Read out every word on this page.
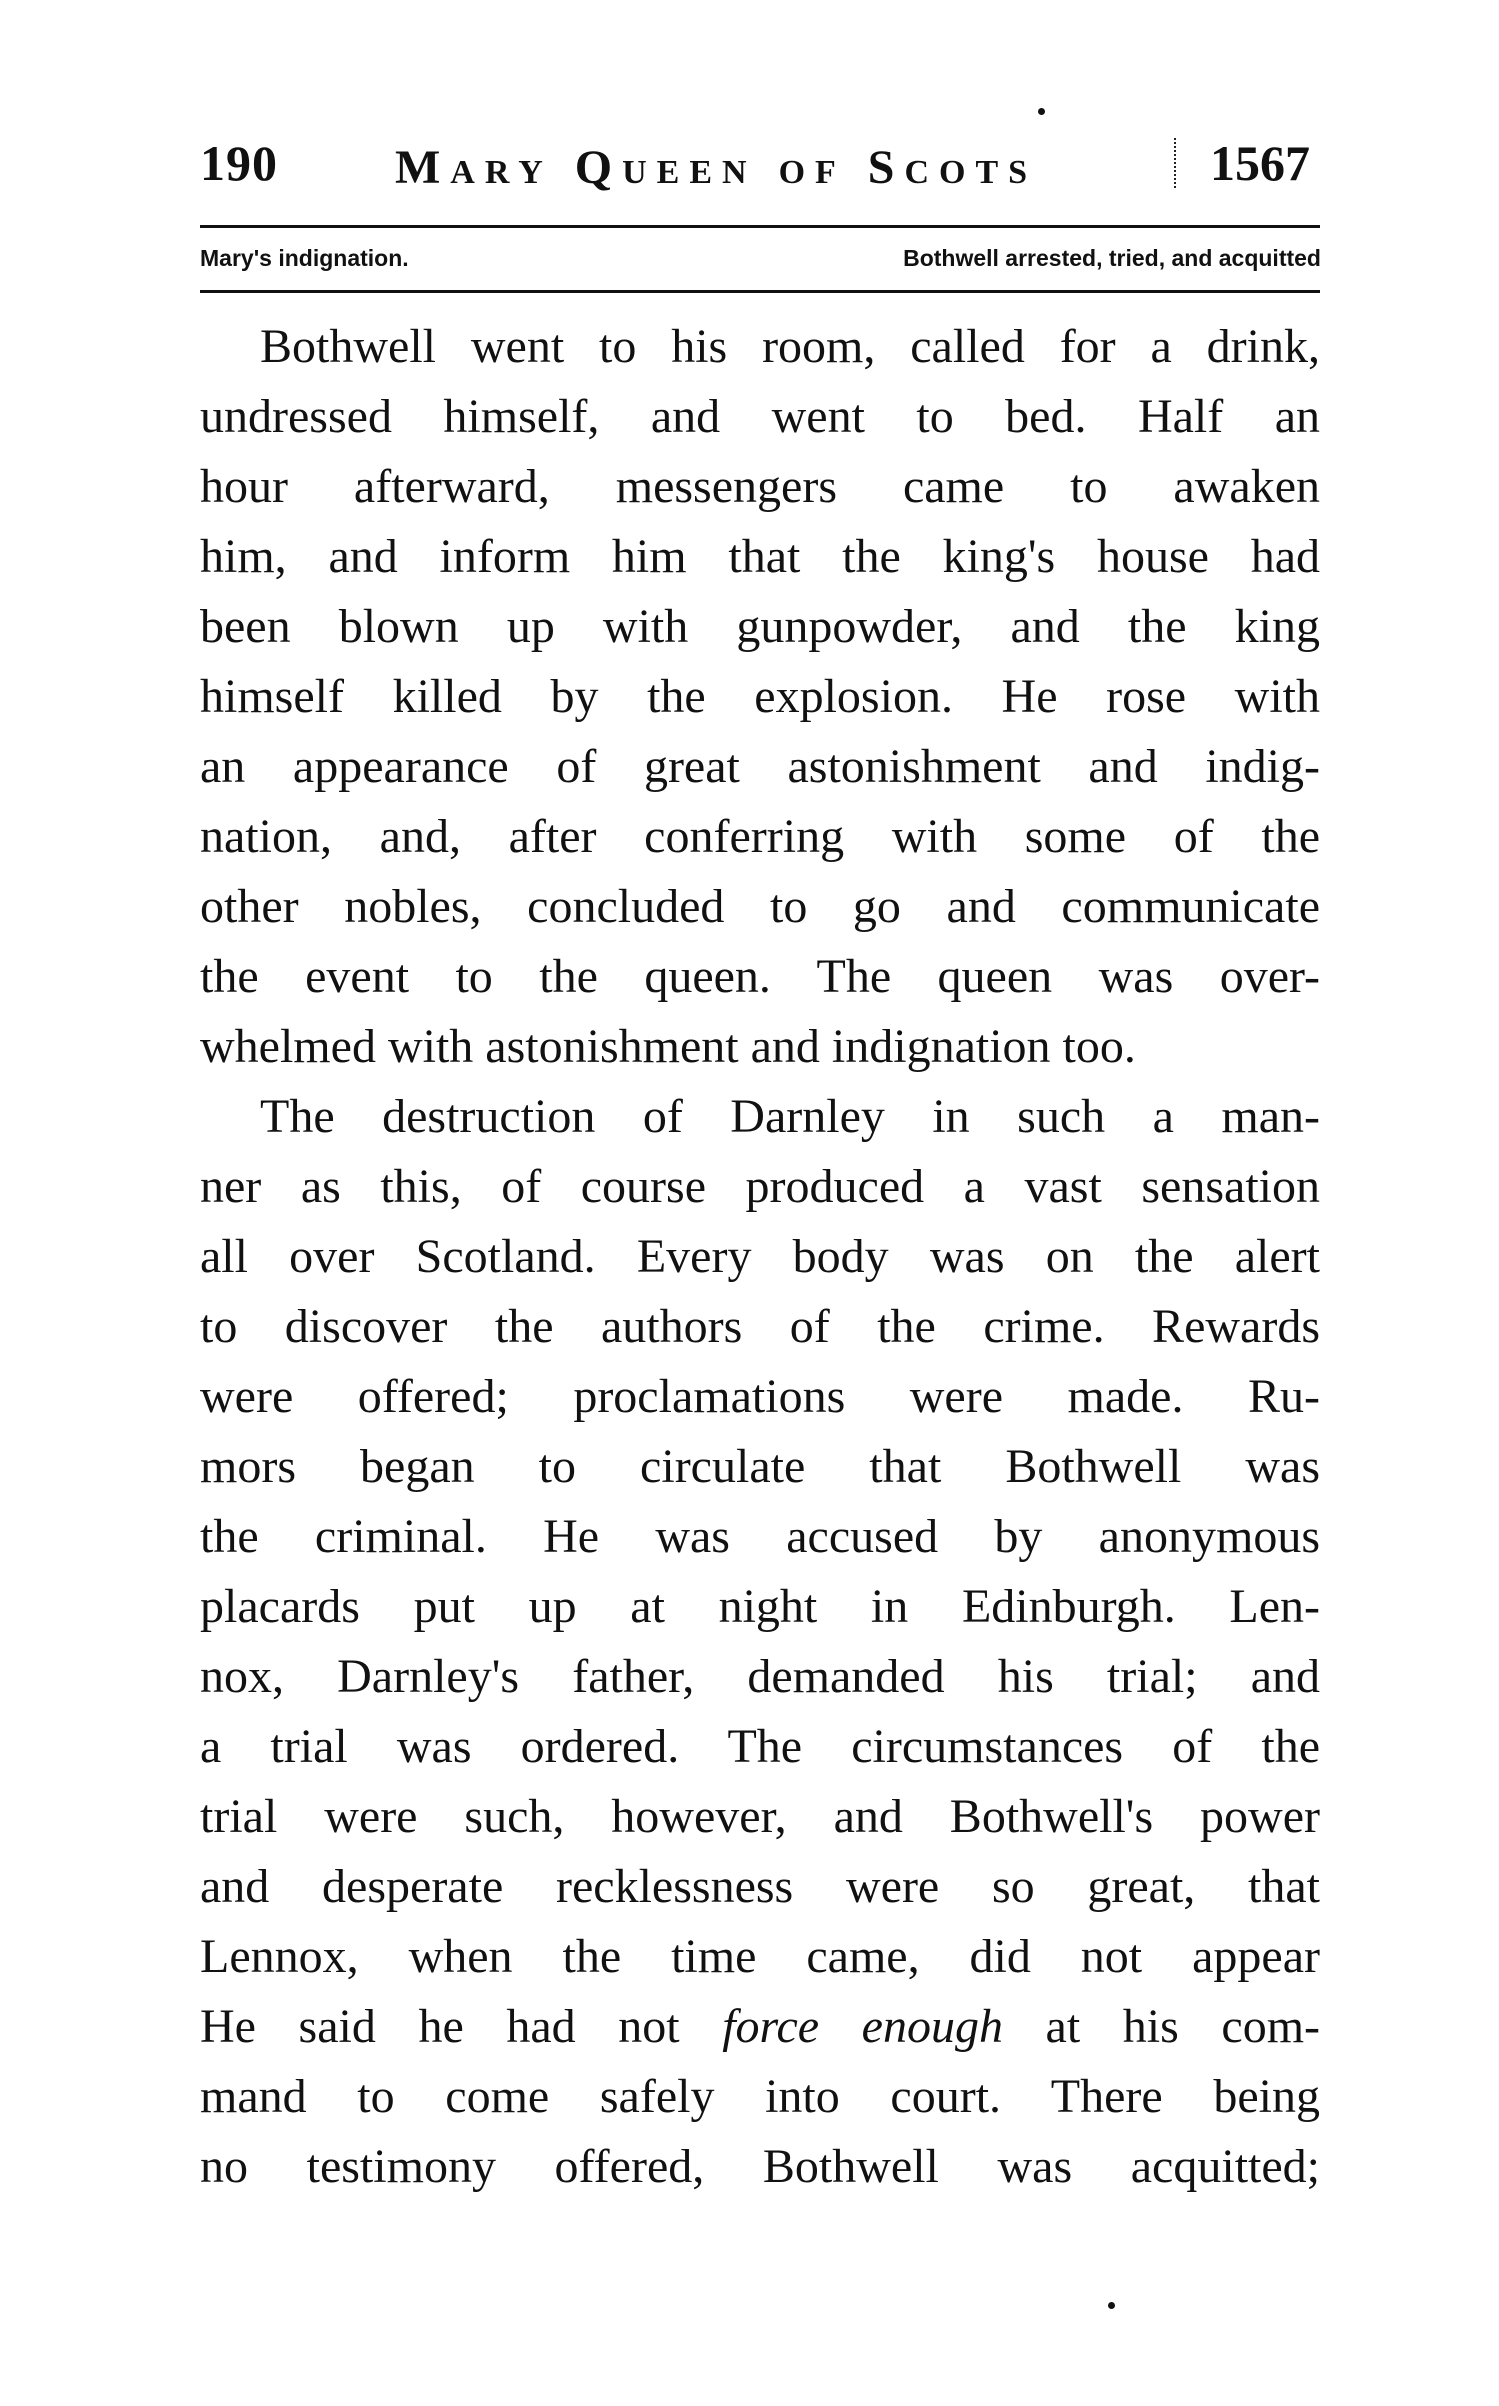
190 Mary Queen of Scots	1567
Mary's indignation.	Bothwell arrested, tried, and acquitted
Bothwell went to his room, called for a drink,
undressed himself, and went to bed. Half an
hour afterward, messengers came to awaken
him, and inform him that the king's house had
been blown up with gunpowder, and the king
himself killed by the explosion. He rose with
an appearance of great astonishment and indig-
nation, and, after conferring with some of the
other nobles, concluded to go and communicate
the event to the queen. The queen was over-
whelmed with astonishment and indignation too.
The destruction of Darnley in such a man-
ner as this, of course produced a vast sensation
all over Scotland. Every body was on the alert
to discover the authors of the crime. Rewards
were offered; proclamations were made. Ru-
mors began to circulate that Bothwell was
the criminal. He was accused by anonymous
placards put up at night in Edinburgh. Len-
nox, Darnley's father, demanded his trial; and
a trial was ordered. The circumstances of the
trial were such, however, and Bothwell's power
and desperate recklessness were so great, that
Lennox, when the time came, did not appear
He said he had not force enough at his com-
mand to come safely into court. There being
no testimony offered, Bothwell was acquitted;
